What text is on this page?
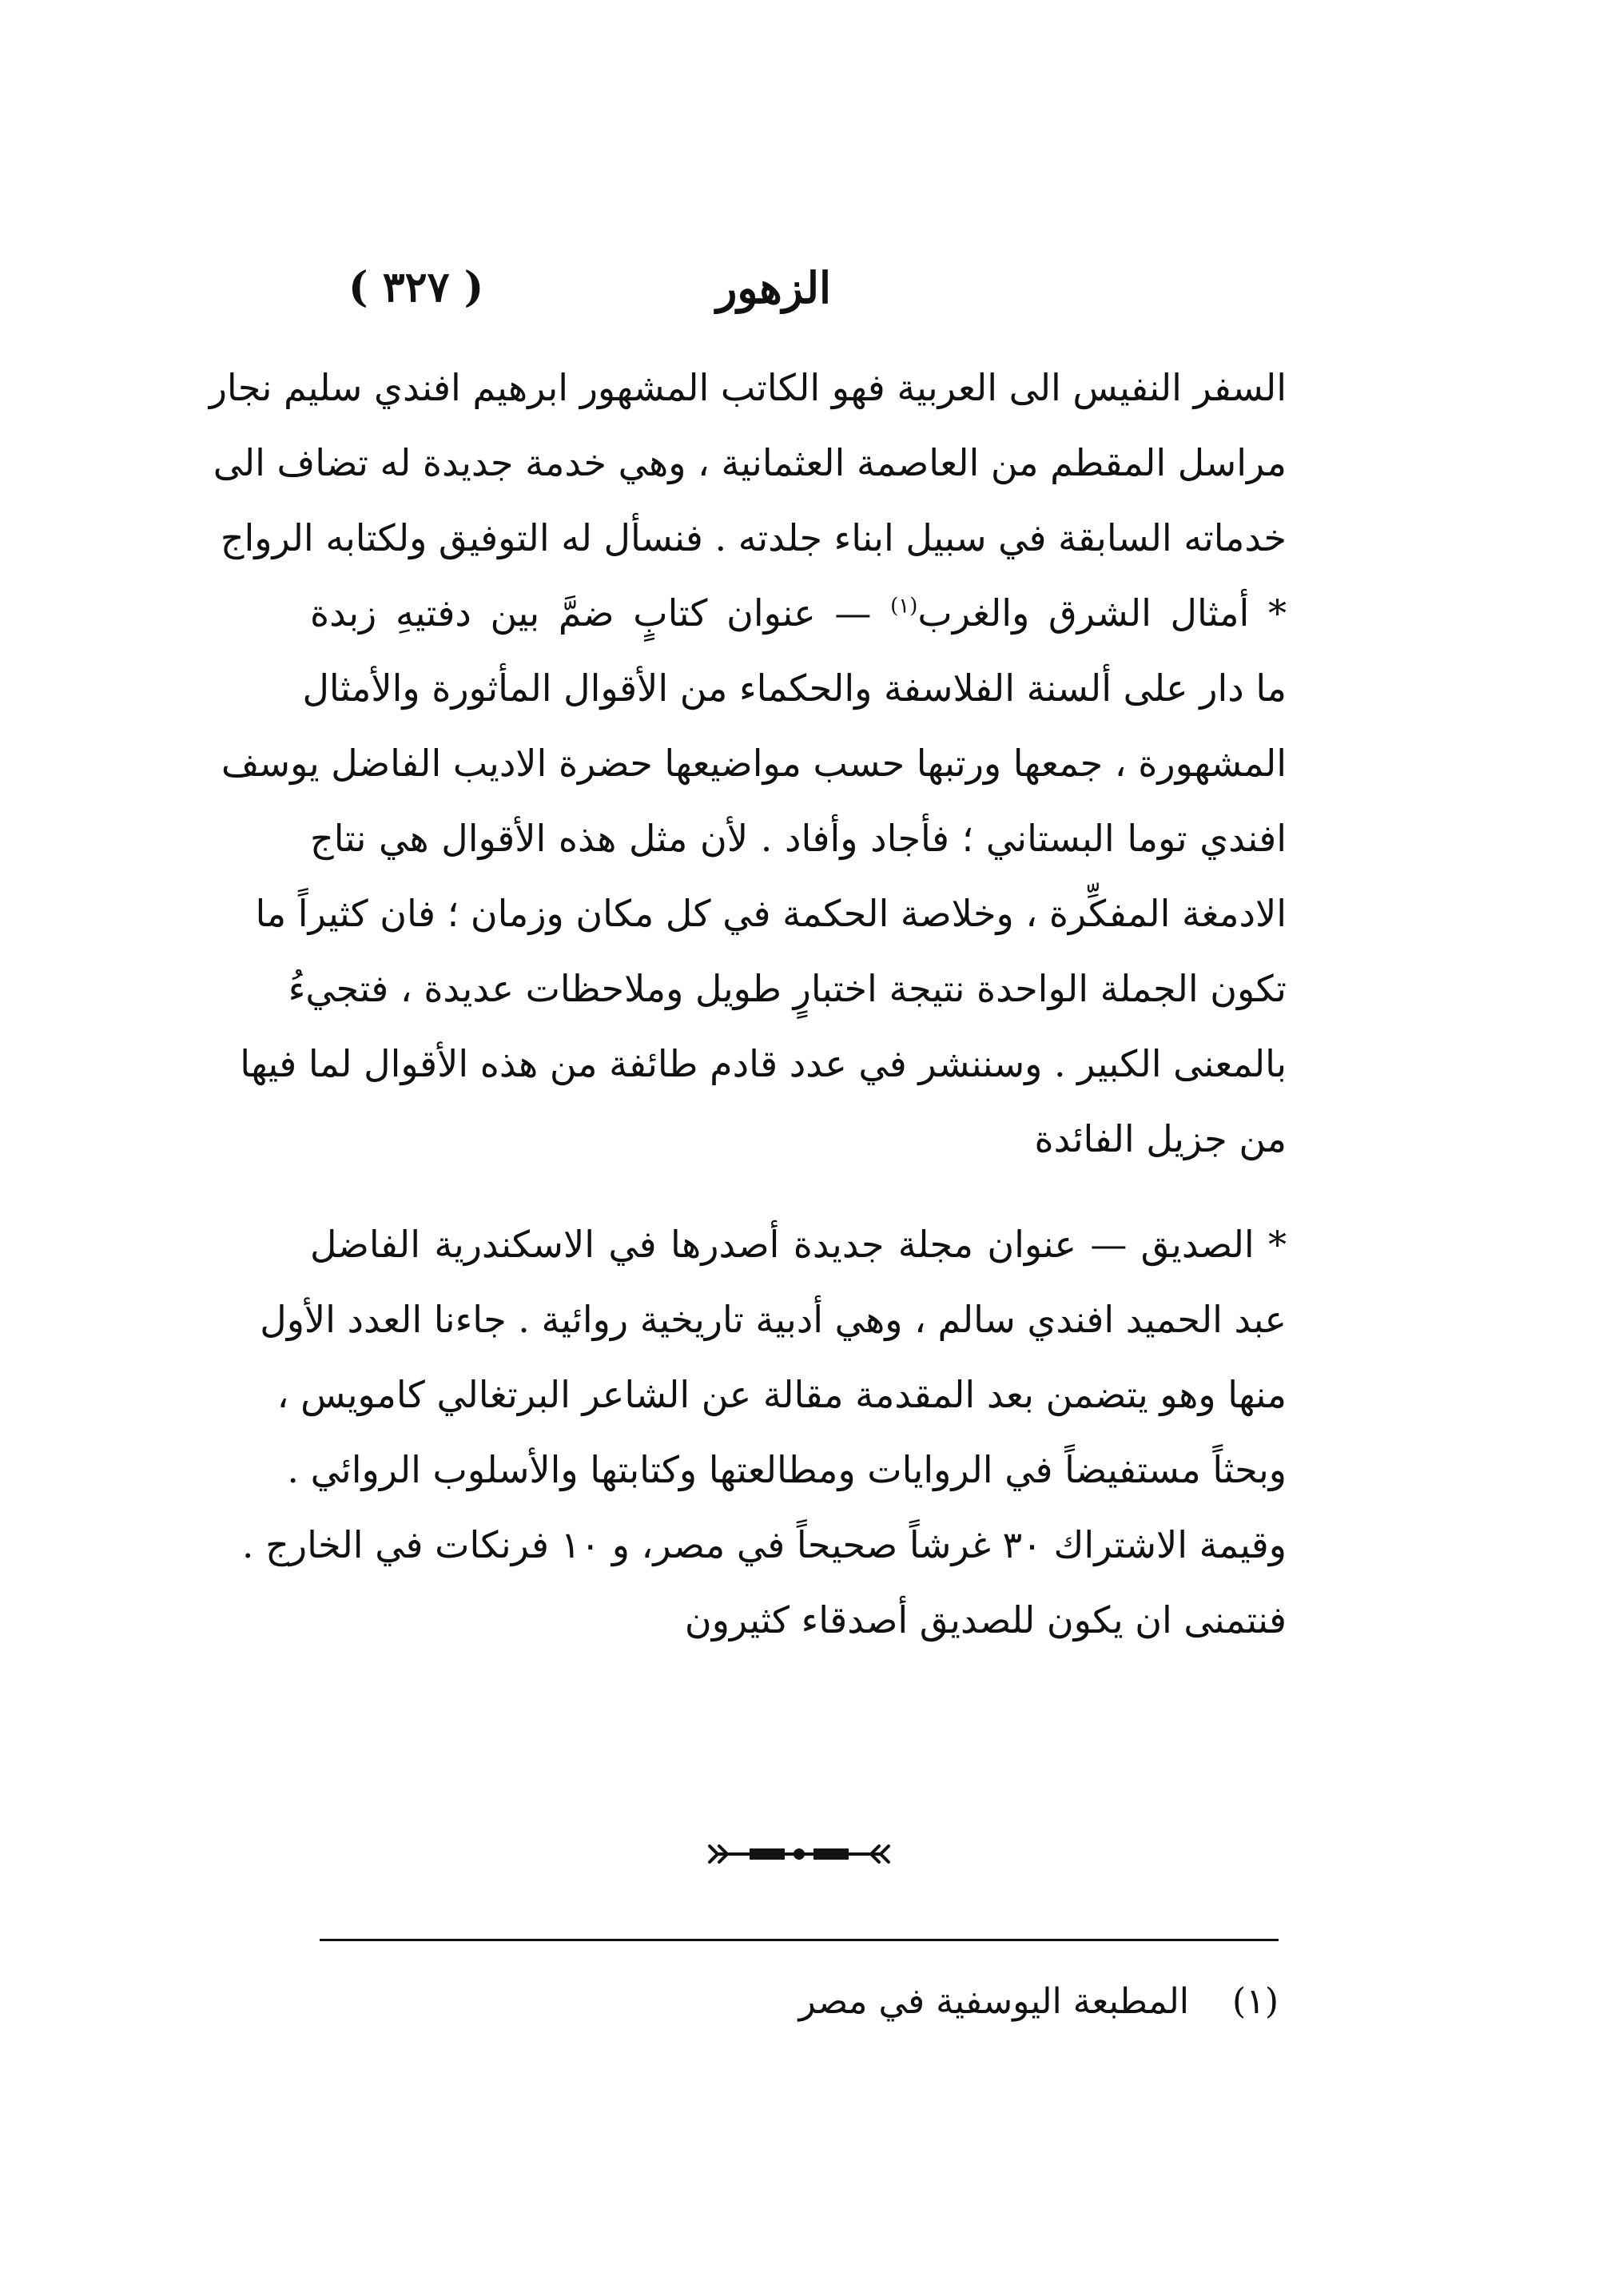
الزهور
( ٣٢٧ )
السفر النفيس الى العربية فهو الكاتب المشهور ابرهيم افندي سليم نجار
مراسل المقطم من العاصمة العثمانية ، وهي خدمة جديدة له تضاف الى
خدماته السابقة في سبيل ابناء جلدته . فنسأل له التوفيق ولكتابه الرواج
* أمثال الشرق والغرب$^{(١)}$ — عنوان كتابٍ ضمَّ بين دفتيهِ زبدة
ما دار على ألسنة الفلاسفة والحكماء من الأقوال المأثورة والأمثال
المشهورة ، جمعها ورتبها حسب مواضيعها حضرة الاديب الفاضل يوسف
افندي توما البستاني ؛ فأجاد وأفاد . لأن مثل هذه الأقوال هي نتاج
الادمغة المفكِّرة ، وخلاصة الحكمة في كل مكان وزمان ؛ فان كثيراً ما
تكون الجملة الواحدة نتيجة اختبارٍ طويل وملاحظات عديدة ، فتجيءُ
بالمعنى الكبير . وسننشر في عدد قادم طائفة من هذه الأقوال لما فيها
من جزيل الفائدة
* الصديق — عنوان مجلة جديدة أصدرها في الاسكندرية الفاضل
عبد الحميد افندي سالم ، وهي أدبية تاريخية روائية . جاءنا العدد الأول
منها وهو يتضمن بعد المقدمة مقالة عن الشاعر البرتغالي كامويس ،
وبحثاً مستفيضاً في الروايات ومطالعتها وكتابتها والأسلوب الروائي .
وقيمة الاشتراك ٣٠ غرشاً صحيحاً في مصر، و ١٠ فرنكات في الخارج .
فنتمنى ان يكون للصديق أصدقاء كثيرون
(١) المطبعة اليوسفية في مصر
